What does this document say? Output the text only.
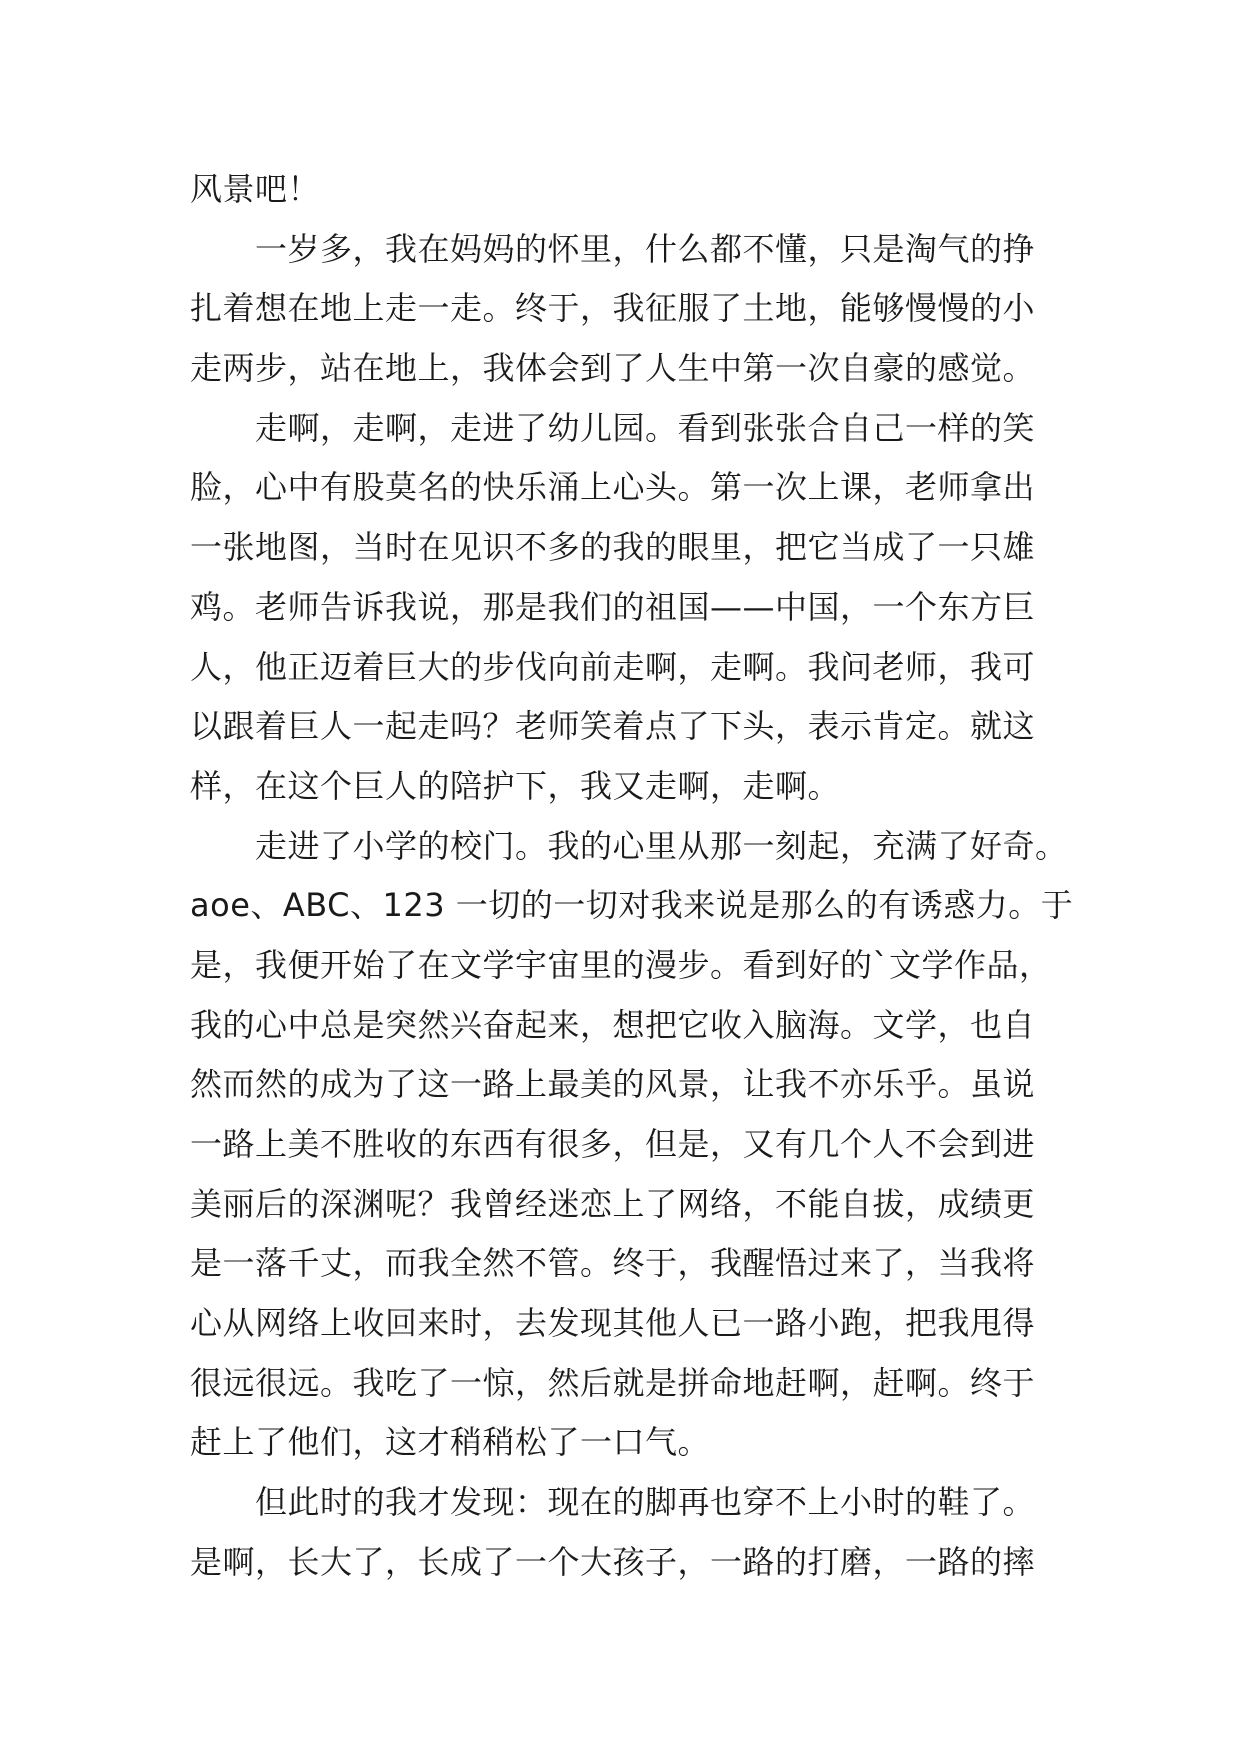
风景吧！
　　一岁多，我在妈妈的怀里，什么都不懂，只是淘气的挣
扎着想在地上走一走。终于，我征服了土地，能够慢慢的小
走两步，站在地上，我体会到了人生中第一次自豪的感觉。
　　走啊，走啊，走进了幼儿园。看到张张合自己一样的笑
脸，心中有股莫名的快乐涌上心头。第一次上课，老师拿出
一张地图，当时在见识不多的我的眼里，把它当成了一只雄
鸡。老师告诉我说，那是我们的祖国——中国，一个东方巨
人，他正迈着巨大的步伐向前走啊，走啊。我问老师，我可
以跟着巨人一起走吗？老师笑着点了下头，表示肯定。就这
样，在这个巨人的陪护下，我又走啊，走啊。
　　走进了小学的校门。我的心里从那一刻起，充满了好奇。
aoe、ABC、123 一切的一切对我来说是那么的有诱惑力。于
是，我便开始了在文学宇宙里的漫步。看到好的`文学作品，
我的心中总是突然兴奋起来，想把它收入脑海。文学，也自
然而然的成为了这一路上最美的风景，让我不亦乐乎。虽说
一路上美不胜收的东西有很多，但是，又有几个人不会到进
美丽后的深渊呢？我曾经迷恋上了网络，不能自拔，成绩更
是一落千丈，而我全然不管。终于，我醒悟过来了，当我将
心从网络上收回来时，去发现其他人已一路小跑，把我甩得
很远很远。我吃了一惊，然后就是拼命地赶啊，赶啊。终于
赶上了他们，这才稍稍松了一口气。
　　但此时的我才发现：现在的脚再也穿不上小时的鞋了。
是啊，长大了，长成了一个大孩子，一路的打磨，一路的摔
